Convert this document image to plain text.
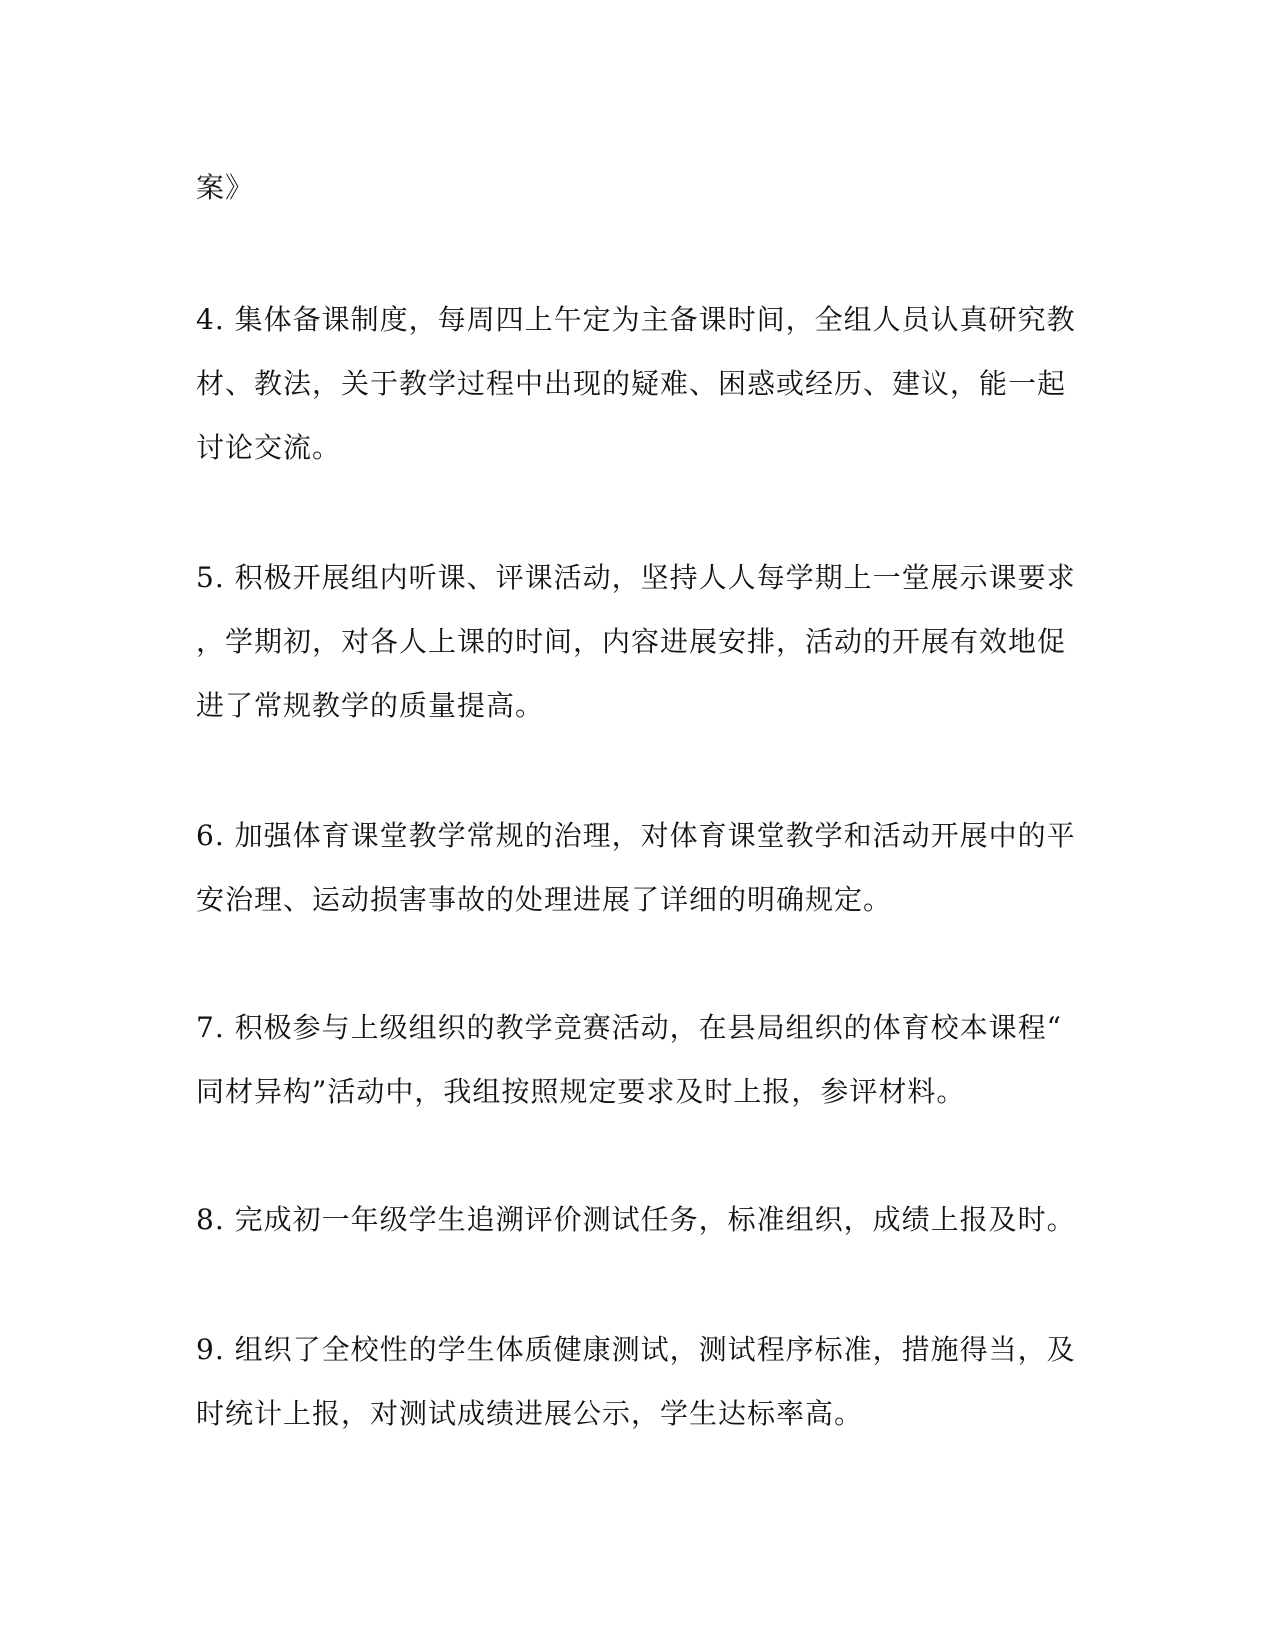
案》

4. 集体备课制度，每周四上午定为主备课时间，全组人员认真研究教
材、教法，关于教学过程中出现的疑难、困惑或经历、建议，能一起
讨论交流。

5. 积极开展组内听课、评课活动，坚持人人每学期上一堂展示课要求
，学期初，对各人上课的时间，内容进展安排，活动的开展有效地促
进了常规教学的质量提高。

6. 加强体育课堂教学常规的治理，对体育课堂教学和活动开展中的平
安治理、运动损害事故的处理进展了详细的明确规定。

7. 积极参与上级组织的教学竞赛活动，在县局组织的体育校本课程“
同材异构”活动中，我组按照规定要求及时上报，参评材料。

8. 完成初一年级学生追溯评价测试任务，标准组织，成绩上报及时。

9. 组织了全校性的学生体质健康测试，测试程序标准，措施得当，及
时统计上报，对测试成绩进展公示，学生达标率高。
